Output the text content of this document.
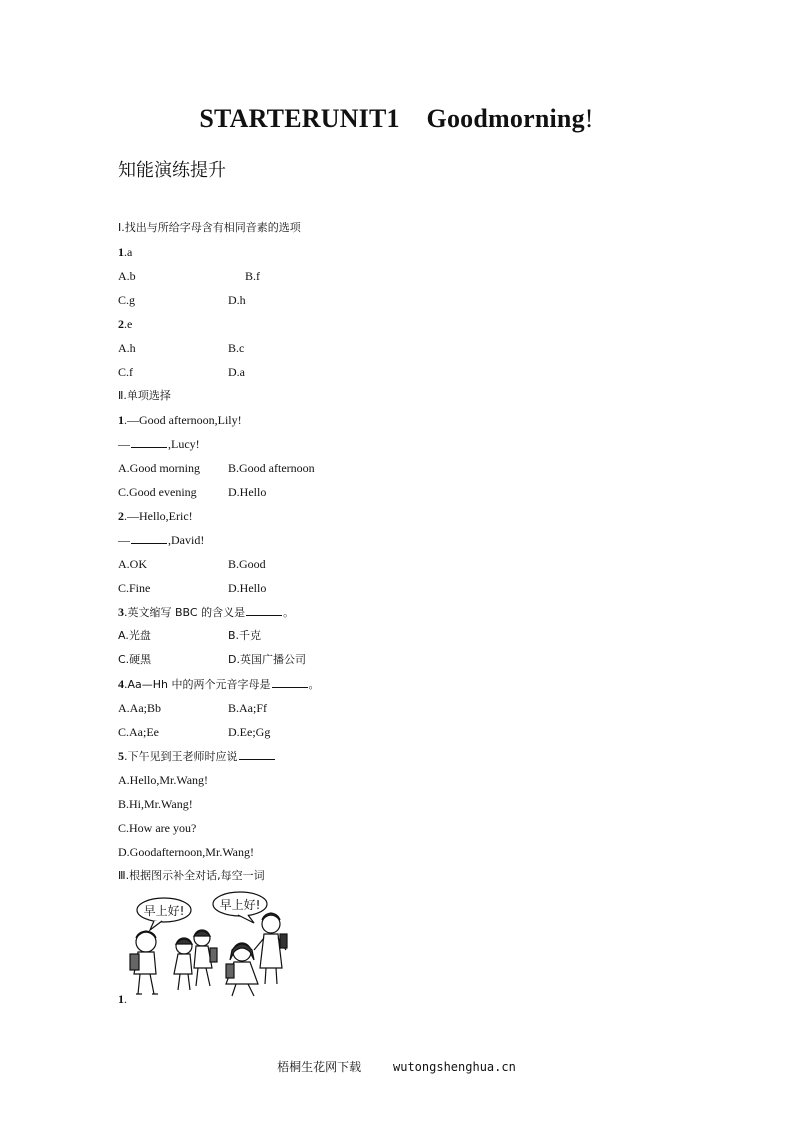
STARTERUNIT1    Goodmorning!
知能演练提升
Ⅰ.找出与所给字母含有相同音素的选项
1.a
A.b	B.f
C.g	D.h
2.e
A.h	B.c
C.f	D.a
Ⅱ.单项选择
1.—Good afternoon,Lily!
—	,Lucy!
A.Good morning B.Good afternoon
C.Good evening	D.Hello
2.—Hello,Eric!
—	,David!
A.OK	B.Good
C.Fine	D.Hello
3.英文缩写 BBC 的含义是	。
A.光盘	B.千克
C.硬黑	D.英国广播公司
4.Aa—Hh 中的两个元音字母是	。
A.Aa;Bb	B.Aa;Ff
C.Aa;Ee	D.Ee;Gg
5.下午见到王老师时应说
A.Hello,Mr.Wang!
B.Hi,Mr.Wang!
C.How are you?
D.Goodafternoon,Mr.Wang!
Ⅲ.根据图示补全对话,每空一词
早上好!	早上好!
1.
梧桐生花网下载	wutongshenghua.cn
